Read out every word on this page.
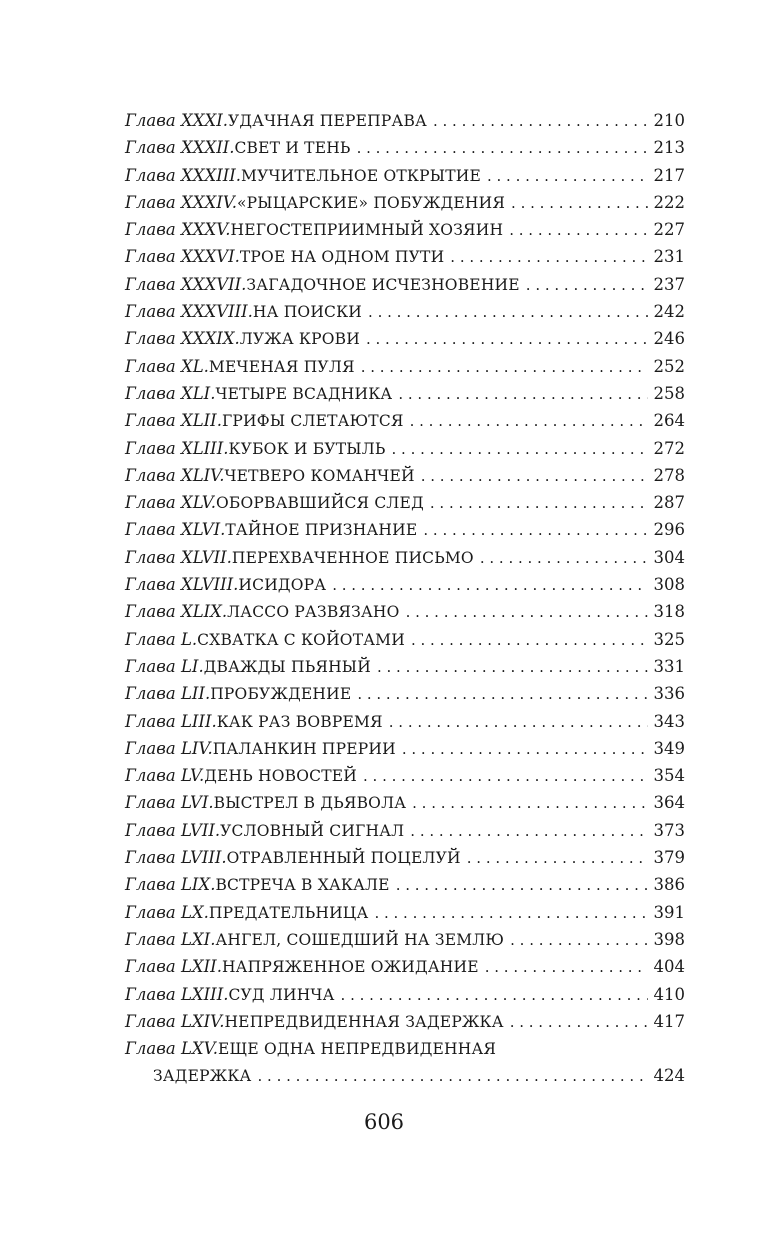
Глава XXXI. УДАЧНАЯ ПЕРЕПРАВА . . .	210
Глава XXXII. СВЕТ И ТЕНЬ . . .	213
Глава XXXIII. МУЧИТЕЛЬНОЕ ОТКРЫТИЕ . . .	217
Глава XXXIV. «РЫЦАРСКИЕ» ПОБУЖДЕНИЯ . . .	222
Глава XXXV. НЕГОСТЕПРИИМНЫЙ ХОЗЯИН . . .	227
Глава XXXVI. ТРОЕ НА ОДНОМ ПУТИ . . .	231
Глава XXXVII. ЗАГАДОЧНОЕ ИСЧЕЗНОВЕНИЕ . . .	237
Глава XXXVIII. НА ПОИСКИ . . .	242
Глава XXXIX. ЛУЖА КРОВИ . . .	246
Глава XL. МЕЧЕНАЯ ПУЛЯ . . .	252
Глава XLI. ЧЕТЫРЕ ВСАДНИКА . . .	258
Глава XLII. ГРИФЫ СЛЕТАЮТСЯ . . .	264
Глава XLIII. КУБОК И БУТЫЛЬ . . .	272
Глава XLIV. ЧЕТВЕРО КОМАНЧЕЙ . . .	278
Глава XLV. ОБОРВАВШИЙСЯ СЛЕД . . .	287
Глава XLVI. ТАЙНОЕ ПРИЗНАНИЕ . . .	296
Глава XLVII. ПЕРЕХВАЧЕННОЕ ПИСЬМО . . .	304
Глава XLVIII. ИСИДОРА . . .	308
Глава XLIX. ЛАССО РАЗВЯЗАНО . . .	318
Глава L. СХВАТКА С КОЙОТАМИ . . .	325
Глава LI. ДВАЖДЫ ПЬЯНЫЙ . . .	331
Глава LII. ПРОБУЖДЕНИЕ . . .	336
Глава LIII. КАК РАЗ ВОВРЕМЯ . . .	343
Глава LIV. ПАЛАНКИН ПРЕРИИ . . .	349
Глава LV. ДЕНЬ НОВОСТЕЙ . . .	354
Глава LVI. ВЫСТРЕЛ В ДЬЯВОЛА . . .	364
Глава LVII. УСЛОВНЫЙ СИГНАЛ . . .	373
Глава LVIII. ОТРАВЛЕННЫЙ ПОЦЕЛУЙ . . .	379
Глава LIX. ВСТРЕЧА В ХАКАЛЕ . . .	386
Глава LX. ПРЕДАТЕЛЬНИЦА . . .	391
Глава LXI. АНГЕЛ, СОШЕДШИЙ НА ЗЕМЛЮ . . .	398
Глава LXII. НАПРЯЖЕННОЕ ОЖИДАНИЕ . . .	404
Глава LXIII. СУД ЛИНЧА . . .	410
Глава LXIV. НЕПРЕДВИДЕННАЯ ЗАДЕРЖКА . . .	417
Глава LXV. ЕЩЕ ОДНА НЕПРЕДВИДЕННАЯ
ЗАДЕРЖКА . . .	424
606
